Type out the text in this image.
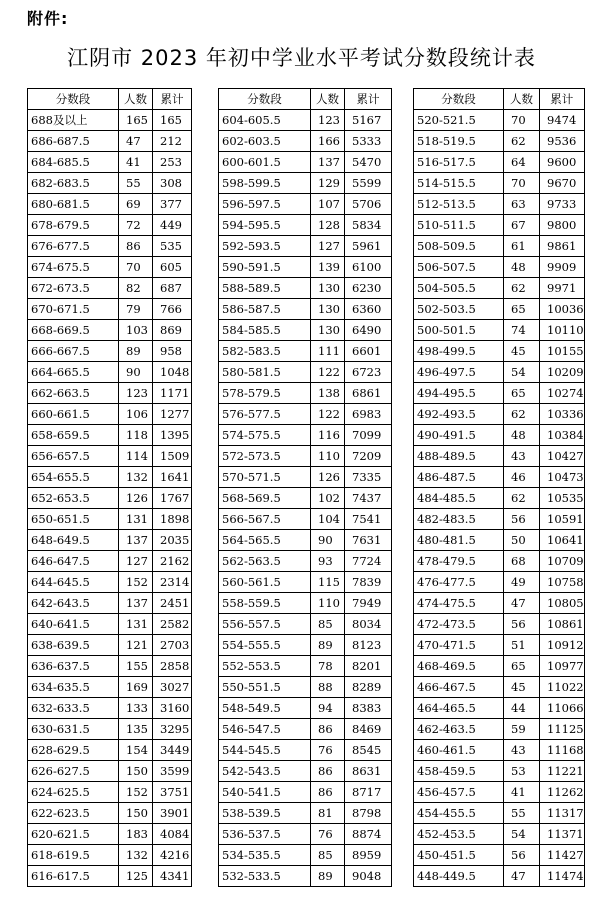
附件:
江阴市 2023 年初中学业水平考试分数段统计表
分数段	人数	累计
688及以上	165	165
686-687.5	47	212
684-685.5	41	253
682-683.5	55	308
680-681.5	69	377
678-679.5	72	449
676-677.5	86	535
674-675.5	70	605
672-673.5	82	687
670-671.5	79	766
668-669.5	103	869
666-667.5	89	958
664-665.5	90	1048
662-663.5	123	1171
660-661.5	106	1277
658-659.5	118	1395
656-657.5	114	1509
654-655.5	132	1641
652-653.5	126	1767
650-651.5	131	1898
648-649.5	137	2035
646-647.5	127	2162
644-645.5	152	2314
642-643.5	137	2451
640-641.5	131	2582
638-639.5	121	2703
636-637.5	155	2858
634-635.5	169	3027
632-633.5	133	3160
630-631.5	135	3295
628-629.5	154	3449
626-627.5	150	3599
624-625.5	152	3751
622-623.5	150	3901
620-621.5	183	4084
618-619.5	132	4216
616-617.5	125	4341
分数段	人数	累计
604-605.5	123	5167
602-603.5	166	5333
600-601.5	137	5470
598-599.5	129	5599
596-597.5	107	5706
594-595.5	128	5834
592-593.5	127	5961
590-591.5	139	6100
588-589.5	130	6230
586-587.5	130	6360
584-585.5	130	6490
582-583.5	111	6601
580-581.5	122	6723
578-579.5	138	6861
576-577.5	122	6983
574-575.5	116	7099
572-573.5	110	7209
570-571.5	126	7335
568-569.5	102	7437
566-567.5	104	7541
564-565.5	90	7631
562-563.5	93	7724
560-561.5	115	7839
558-559.5	110	7949
556-557.5	85	8034
554-555.5	89	8123
552-553.5	78	8201
550-551.5	88	8289
548-549.5	94	8383
546-547.5	86	8469
544-545.5	76	8545
542-543.5	86	8631
540-541.5	86	8717
538-539.5	81	8798
536-537.5	76	8874
534-535.5	85	8959
532-533.5	89	9048
分数段	人数	累计
520-521.5	70	9474
518-519.5	62	9536
516-517.5	64	9600
514-515.5	70	9670
512-513.5	63	9733
510-511.5	67	9800
508-509.5	61	9861
506-507.5	48	9909
504-505.5	62	9971
502-503.5	65	10036
500-501.5	74	10110
498-499.5	45	10155
496-497.5	54	10209
494-495.5	65	10274
492-493.5	62	10336
490-491.5	48	10384
488-489.5	43	10427
486-487.5	46	10473
484-485.5	62	10535
482-483.5	56	10591
480-481.5	50	10641
478-479.5	68	10709
476-477.5	49	10758
474-475.5	47	10805
472-473.5	56	10861
470-471.5	51	10912
468-469.5	65	10977
466-467.5	45	11022
464-465.5	44	11066
462-463.5	59	11125
460-461.5	43	11168
458-459.5	53	11221
456-457.5	41	11262
454-455.5	55	11317
452-453.5	54	11371
450-451.5	56	11427
448-449.5	47	11474
